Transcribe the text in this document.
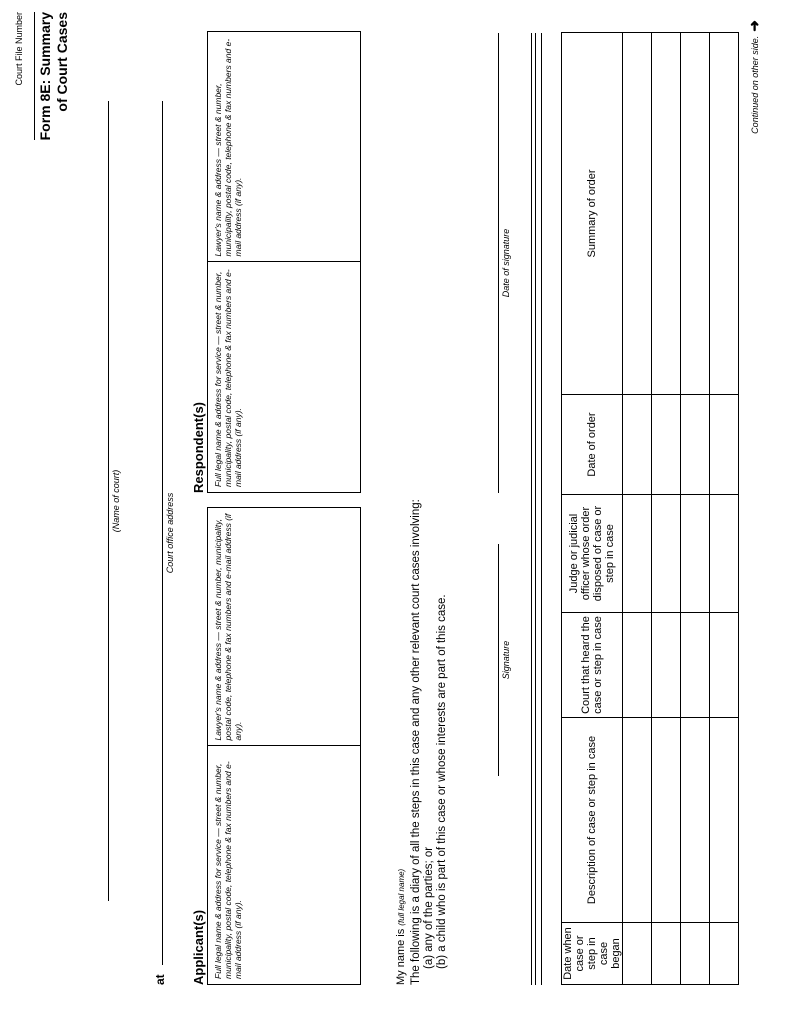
Court File Number Form 8E: Summary of Court Cases
(Name of court)
at
Court office address
Applicant(s) Full legal name & address for service — street & number, municipality, postal code, telephone & fax numbers and e-mail address (if any).
Lawyer's name & address — street & number, municipality, postal code, telephone & fax numbers and e-mail address (if any).
Respondent(s) Full legal name & address for service — street & number, municipality, postal code, telephone & fax numbers and e-mail address (if any).
Lawyer's name & address — street & number, municipality, postal code, telephone & fax numbers and e-mail address (if any).
My name is (full legal name) The following is a diary of all the steps in this case and any other relevant court cases involving: (a) any of the parties; or (b) a child who is part of this case or whose interests are part of this case.	Signature
Date of signature
Date when case or step in case began	Description of case or step in case	Court that heard the case or step in case	Judge or judicial officer whose order disposed of case or step in case	Date of order	Summary of order

Continued on other side.
➜
